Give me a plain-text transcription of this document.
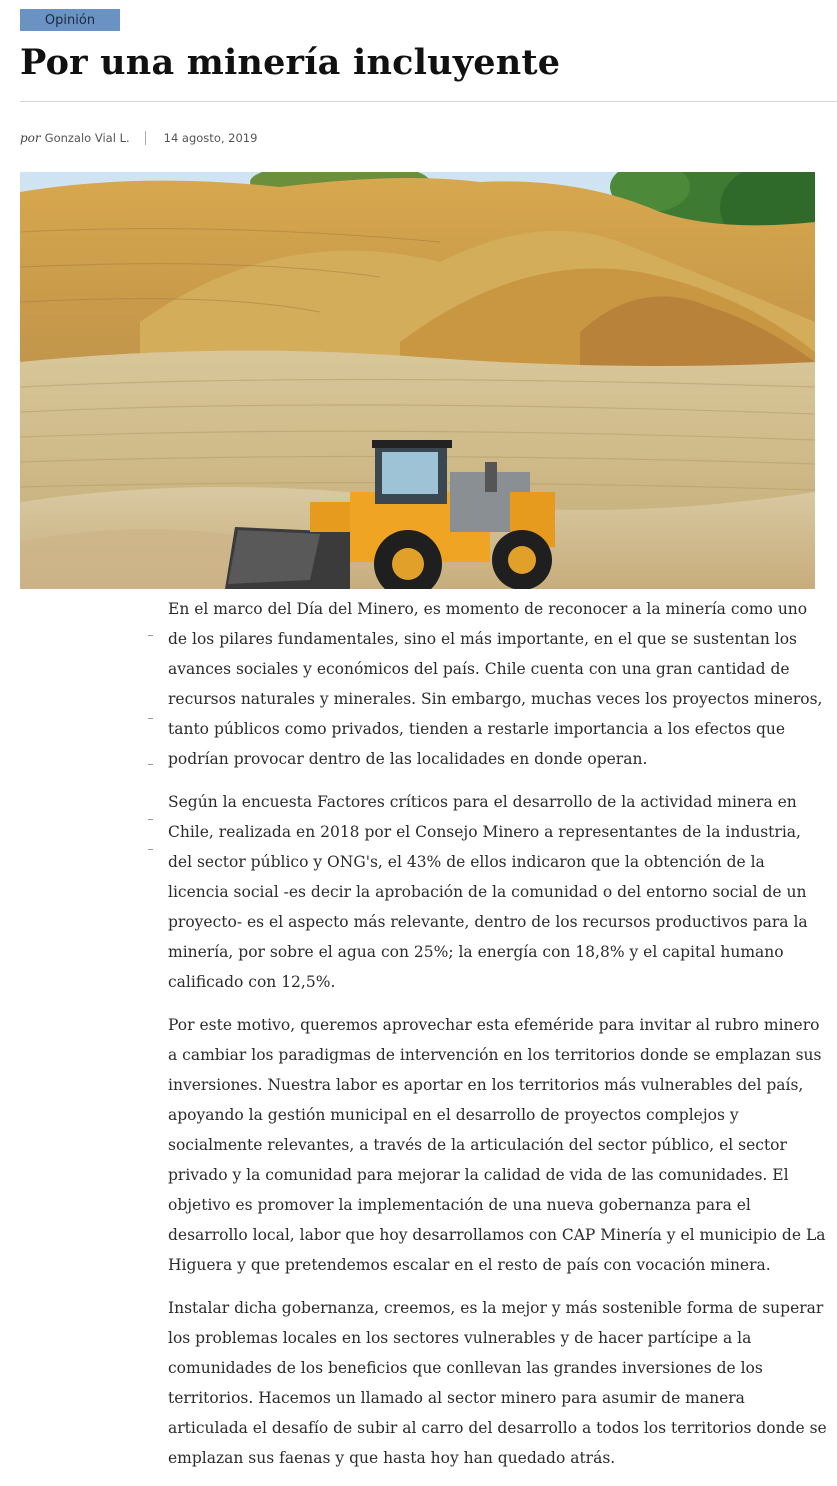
Opinión
Por una minería incluyente
por Gonzalo Vial L.	14 agosto, 2019

En el marco del Día del Minero, es momento de reconocer a la minería como uno de los pilares fundamentales, sino el más importante, en el que se sustentan los avances sociales y económicos del país. Chile cuenta con una gran cantidad de recursos naturales y minerales. Sin embargo, muchas veces los proyectos mineros, tanto públicos como privados, tienden a restarle importancia a los efectos que podrían provocar dentro de las localidades en donde operan.

Según la encuesta Factores críticos para el desarrollo de la actividad minera en Chile, realizada en 2018 por el Consejo Minero a representantes de la industria, del sector público y ONG's, el 43% de ellos indicaron que la obtención de la licencia social -es decir la aprobación de la comunidad o del entorno social de un proyecto- es el aspecto más relevante, dentro de los recursos productivos para la minería, por sobre el agua con 25%; la energía con 18,8% y el capital humano calificado con 12,5%.

Por este motivo, queremos aprovechar esta efeméride para invitar al rubro minero a cambiar los paradigmas de intervención en los territorios donde se emplazan sus inversiones. Nuestra labor es aportar en los territorios más vulnerables del país, apoyando la gestión municipal en el desarrollo de proyectos complejos y socialmente relevantes, a través de la articulación del sector público, el sector privado y la comunidad para mejorar la calidad de vida de las comunidades. El objetivo es promover la implementación de una nueva gobernanza para el desarrollo local, labor que hoy desarrollamos con CAP Minería y el municipio de La Higuera y que pretendemos escalar en el resto de país con vocación minera.

Instalar dicha gobernanza, creemos, es la mejor y más sostenible forma de superar los problemas locales en los sectores vulnerables y de hacer partícipe a la comunidades de los beneficios que conllevan las grandes inversiones de los territorios. Hacemos un llamado al sector minero para asumir de manera articulada el desafío de subir al carro del desarrollo a todos los territorios donde se emplazan sus faenas y que hasta hoy han quedado atrás.
